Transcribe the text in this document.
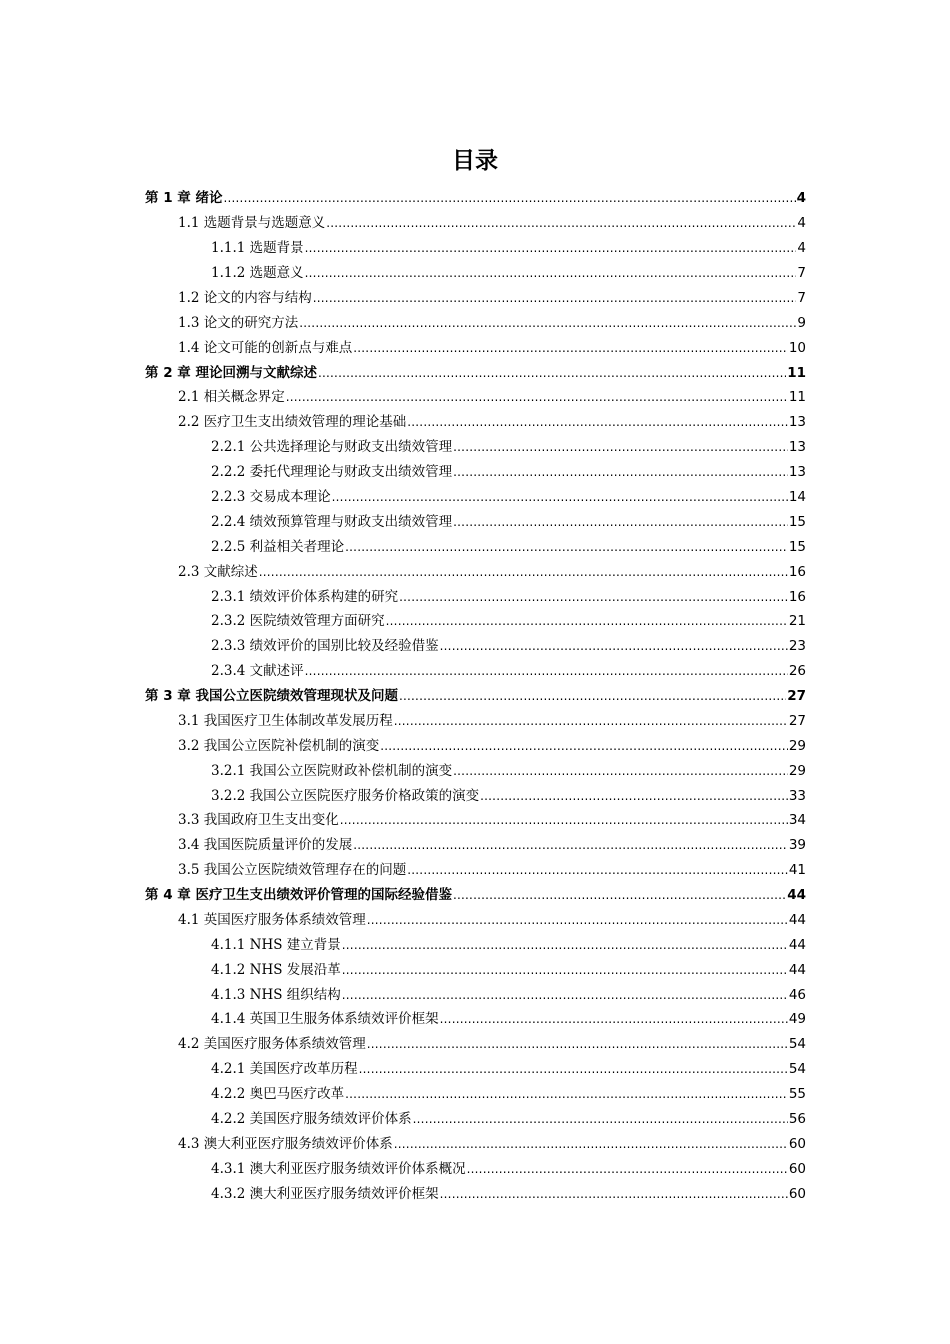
目录
第 1 章 绪论 .....	4
1.1 选题背景与选题意义 .....	4
1.1.1 选题背景 .....	4
1.1.2 选题意义 .....	7
1.2 论文的内容与结构 .....	7
1.3 论文的研究方法 .....	9
1.4 论文可能的创新点与难点 .....	10
第 2 章 理论回溯与文献综述 .....	11
2.1 相关概念界定 .....	11
2.2 医疗卫生支出绩效管理的理论基础 .....	13
2.2.1 公共选择理论与财政支出绩效管理 .....	13
2.2.2 委托代理理论与财政支出绩效管理 .....	13
2.2.3 交易成本理论 .....	14
2.2.4 绩效预算管理与财政支出绩效管理 .....	15
2.2.5 利益相关者理论 .....	15
2.3 文献综述 .....	16
2.3.1 绩效评价体系构建的研究 .....	16
2.3.2 医院绩效管理方面研究 .....	21
2.3.3 绩效评价的国别比较及经验借鉴 .....	23
2.3.4 文献述评 .....	26
第 3 章 我国公立医院绩效管理现状及问题 .....	27
3.1 我国医疗卫生体制改革发展历程 .....	27
3.2 我国公立医院补偿机制的演变 .....	29
3.2.1 我国公立医院财政补偿机制的演变 .....	29
3.2.2 我国公立医院医疗服务价格政策的演变 .....	33
3.3 我国政府卫生支出变化 .....	34
3.4 我国医院质量评价的发展 .....	39
3.5 我国公立医院绩效管理存在的问题 .....	41
第 4 章 医疗卫生支出绩效评价管理的国际经验借鉴 .....	44
4.1 英国医疗服务体系绩效管理 .....	44
4.1.1 NHS 建立背景 .....	44
4.1.2 NHS 发展沿革 .....	44
4.1.3 NHS 组织结构 .....	46
4.1.4 英国卫生服务体系绩效评价框架 .....	49
4.2 美国医疗服务体系绩效管理 .....	54
4.2.1 美国医疗改革历程 .....	54
4.2.2 奥巴马医疗改革 .....	55
4.2.2 美国医疗服务绩效评价体系 .....	56
4.3 澳大利亚医疗服务绩效评价体系 .....	60
4.3.1 澳大利亚医疗服务绩效评价体系概况 .....	60
4.3.2 澳大利亚医疗服务绩效评价框架 .....	60
